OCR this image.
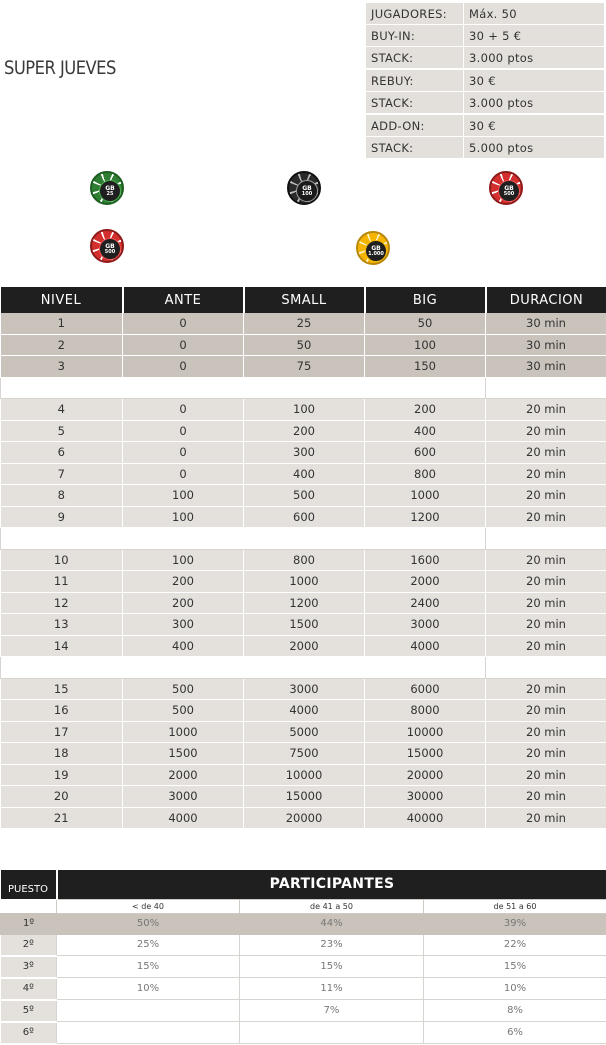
SUPER JUEVES
JUGADORES:	Máx. 50
BUY-IN:	30 + 5 €
STACK:	3.000 ptos
REBUY:	30 €
STACK:	3.000 ptos
ADD-ON:	30 €
STACK:	5.000 ptos
GB
25
GB
100
GB
500
GB
500	GB
1.000
NIVEL	ANTE	SMALL	BIG	DURACION
1	0	25	50	30 min
2	0	50	100	30 min
3	0	75	150	30 min

4	0	100	200	20 min
5	0	200	400	20 min
6	0	300	600	20 min
7	0	400	800	20 min
8	100	500	1000	20 min
9	100	600	1200	20 min

10	100	800	1600	20 min
11	200	1000	2000	20 min
12	200	1200	2400	20 min
13	300	1500	3000	20 min
14	400	2000	4000	20 min

15	500	3000	6000	20 min
16	500	4000	8000	20 min
17	1000	5000	10000	20 min
18	1500	7500	15000	20 min
19	2000	10000	20000	20 min
20	3000	15000	30000	20 min
21	4000	20000	40000	20 min
PUESTO	PARTICIPANTES		
	< de 40	de 41 a 50	de 51 a 60
1º	50%	44%	39%
2º	25%	23%	22%
3º	15%	15%	15%
4º	10%	11%	10%
5º		7%	8%
6º			6%
